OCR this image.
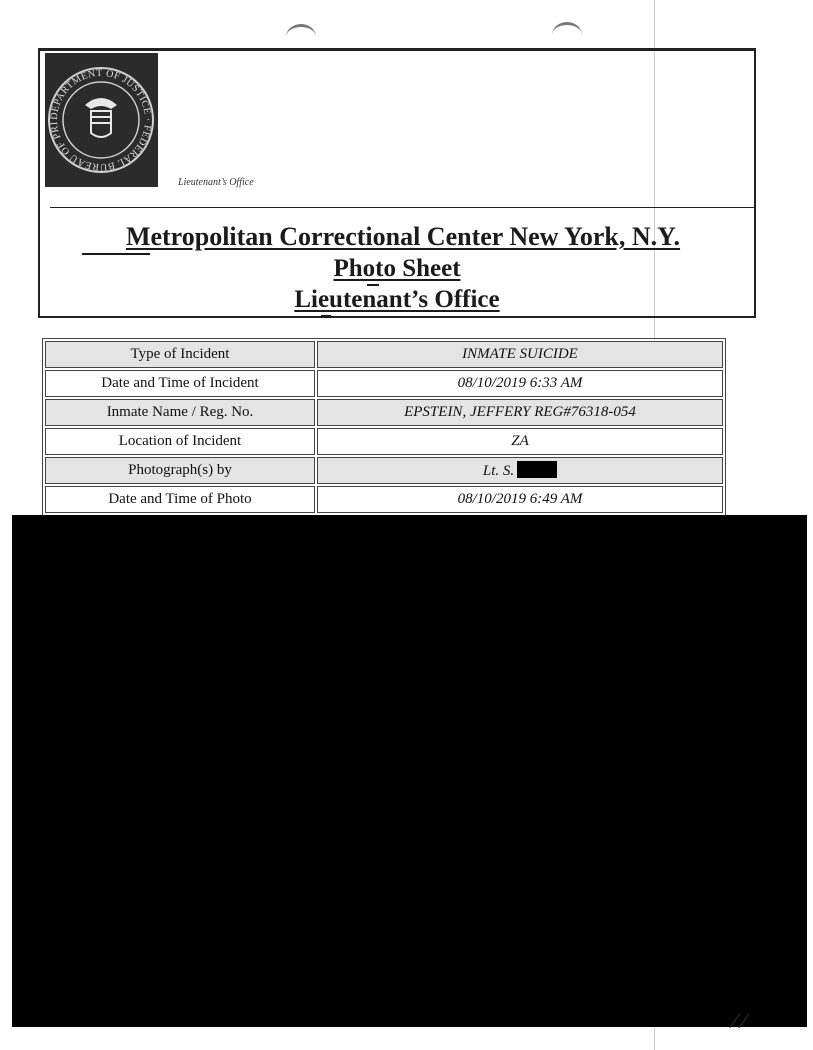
DEPARTMENT OF JUSTICE · FEDERAL BUREAU OF PRI
Lieutenant’s Office
Metropolitan Correctional Center New York, N.Y.
Photo Sheet
Lieutenant’s Office
Type of Incident	INMATE SUICIDE
Date and Time of Incident	08/10/2019 6:33 AM
Inmate Name / Reg. No.	EPSTEIN, JEFFERY REG#76318-054
Location of Incident	ZA
Photograph(s) by	Lt. S.
Date and Time of Photo	08/10/2019 6:49 AM
⁄ ⁄
